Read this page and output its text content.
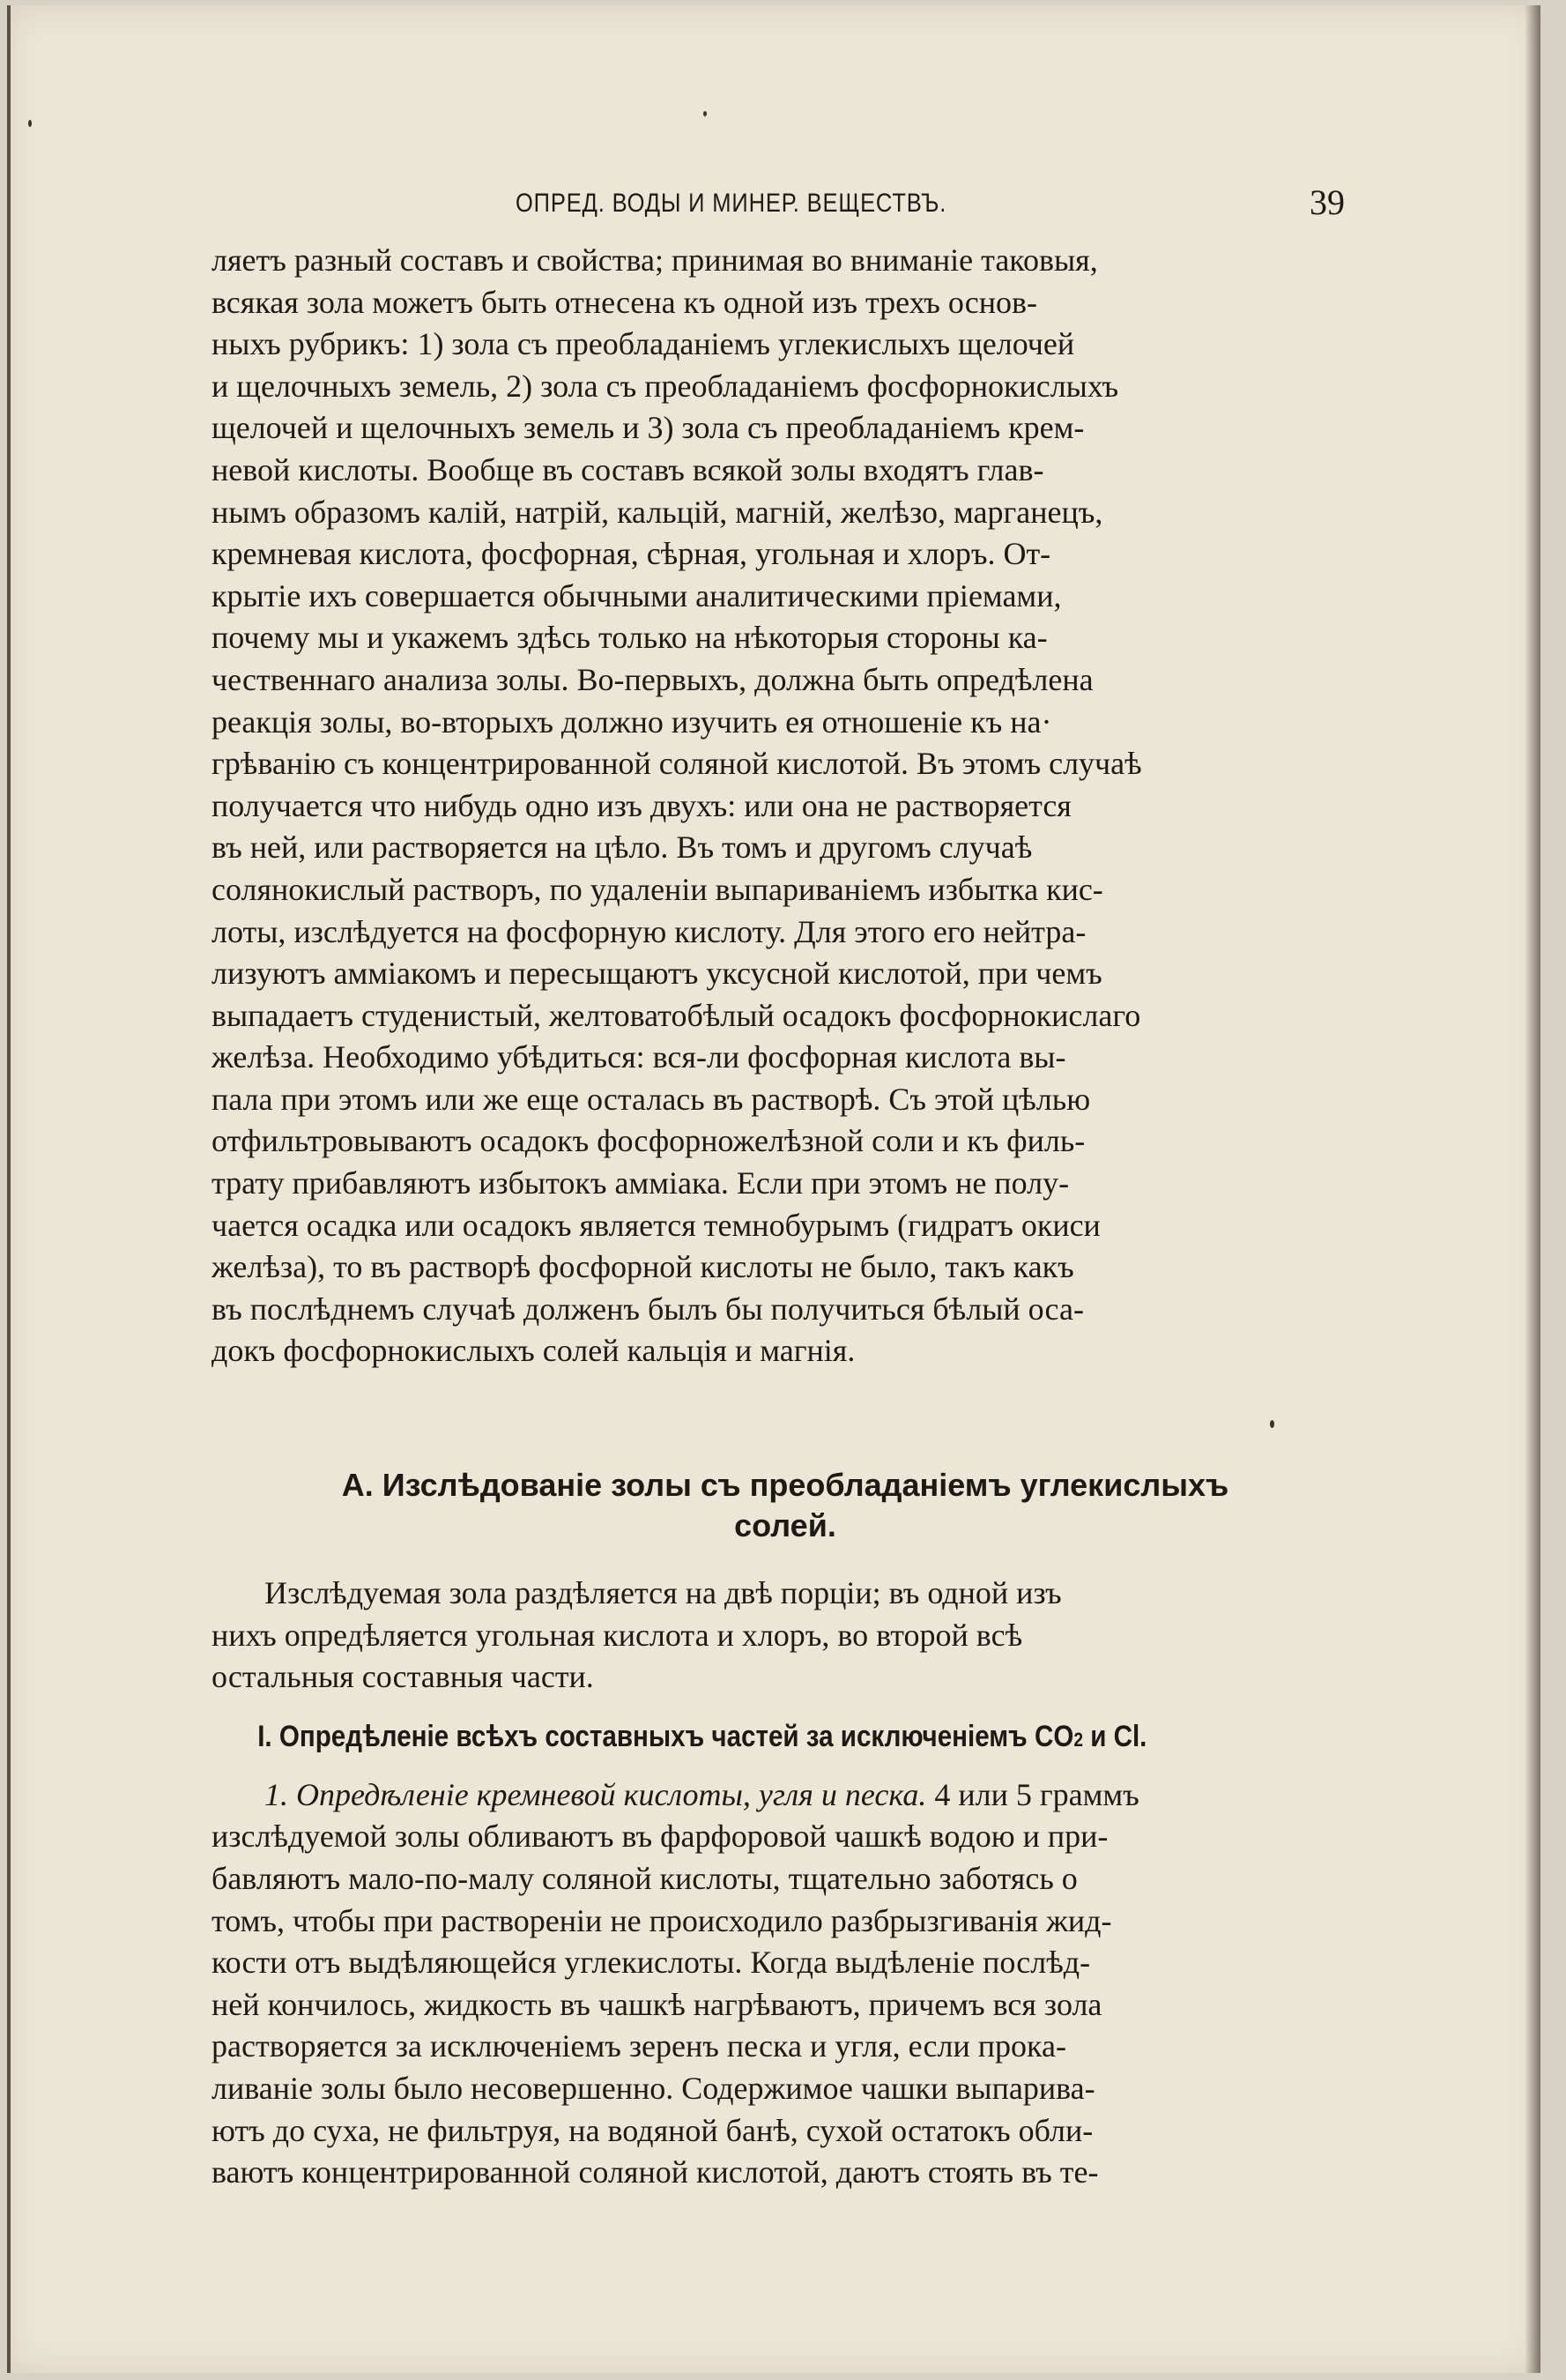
ОПРЕД. ВОДЫ И МИНЕР. ВЕЩЕСТВЪ.	39

ляетъ разный составъ и свойства; принимая во вниманіе таковыя,
всякая зола можетъ быть отнесена къ одной изъ трехъ основ-
ныхъ рубрикъ: 1) зола съ преобладаніемъ углекислыхъ щелочей
и щелочныхъ земель, 2) зола съ преобладаніемъ фосфорнокислыхъ
щелочей и щелочныхъ земель и 3) зола съ преобладаніемъ крем-
невой кислоты. Вообще въ составъ всякой золы входятъ глав-
нымъ образомъ калій, натрій, кальцій, магній, желѣзо, марганецъ,
кремневая кислота, фосфорная, сѣрная, угольная и хлоръ. От-
крытіе ихъ совершается обычными аналитическими пріемами,
почему мы и укажемъ здѣсь только на нѣкоторыя стороны ка-
чественнаго анализа золы. Во-первыхъ, должна быть опредѣлена
реакція золы, во-вторыхъ должно изучить ея отношеніе къ на·
грѣванію съ концентрированной соляной кислотой. Въ этомъ случаѣ
получается что нибудь одно изъ двухъ: или она не растворяется
въ ней, или растворяется на цѣло. Въ томъ и другомъ случаѣ
солянокислый растворъ, по удаленіи выпариваніемъ избытка кис-
лоты, изслѣдуется на фосфорную кислоту. Для этого его нейтра-
лизуютъ амміакомъ и пересыщаютъ уксусной кислотой, при чемъ
выпадаетъ студенистый, желтоватобѣлый осадокъ фосфорнокислаго
желѣза. Необходимо убѣдиться: вся-ли фосфорная кислота вы-
пала при этомъ или же еще осталась въ растворѣ. Съ этой цѣлью
отфильтровываютъ осадокъ фосфорножелѣзной соли и къ филь-
трату прибавляютъ избытокъ амміака. Если при этомъ не полу-
чается осадка или осадокъ является темнобурымъ (гидратъ окиси
желѣза), то въ растворѣ фосфорной кислоты не было, такъ какъ
въ послѣднемъ случаѣ долженъ былъ бы получиться бѣлый оса-
докъ фосфорнокислыхъ солей кальція и магнія.

А. Изслѣдованіе золы съ преобладаніемъ углекислыхъ
солей.

Изслѣдуемая зола раздѣляется на двѣ порціи; въ одной изъ
нихъ опредѣляется угольная кислота и хлоръ, во второй всѣ
остальныя составныя части.

I. Опредѣленіе всѣхъ составныхъ частей за исключеніемъ CO2 и Cl.

1. Опредѣленіе кремневой кислоты, угля и песка. 4 или 5 граммъ
изслѣдуемой золы обливаютъ въ фарфоровой чашкѣ водою и при-
бавляютъ мало-по-малу соляной кислоты, тщательно заботясь о
томъ, чтобы при раствореніи не происходило разбрызгиванія жид-
кости отъ выдѣляющейся углекислоты. Когда выдѣленіе послѣд-
ней кончилось, жидкость въ чашкѣ нагрѣваютъ, причемъ вся зола
растворяется за исключеніемъ зеренъ песка и угля, если прока-
ливаніе золы было несовершенно. Содержимое чашки выпарива-
ютъ до суха, не фильтруя, на водяной банѣ, сухой остатокъ обли-
ваютъ концентрированной соляной кислотой, даютъ стоять въ те-
